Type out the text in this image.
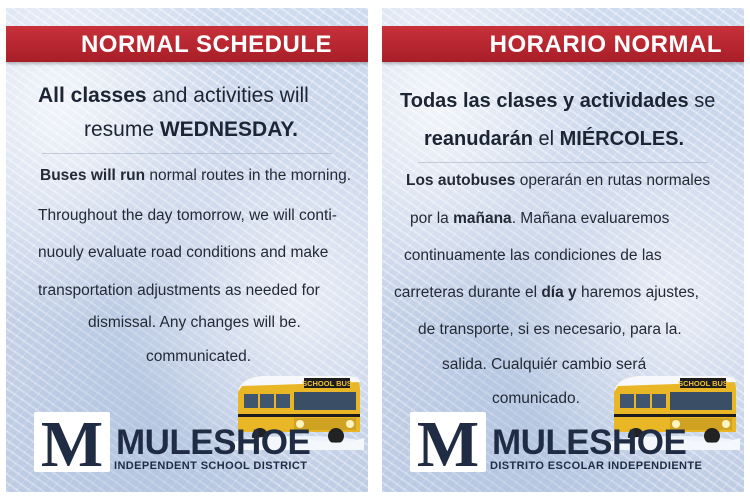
NORMAL SCHEDULE
All classes and activities will
resume WEDNESDAY.
Buses will run normal routes in the morning.
Throughout the day tomorrow, we will conti-
nuouly evaluate road conditions and make
transportation adjustments as needed for
dismissal. Any changes will be.
communicated.
SCHOOL BUS
M MULESHOE
INDEPENDENT SCHOOL DISTRICT
HORARIO NORMAL
Todas las clases y actividades se
reanudarán el MIÉRCOLES.
Los autobuses operarán en rutas normales
por la mañana. Mañana evaluaremos
continuamente las condiciones de las
carreteras durante el día y haremos ajustes,
de transporte, si es necesario, para la.
salida. Cualquiér cambio será
comunicado.
SCHOOL BUS
M MULESHOE
DISTRITO ESCOLAR INDEPENDIENTE
